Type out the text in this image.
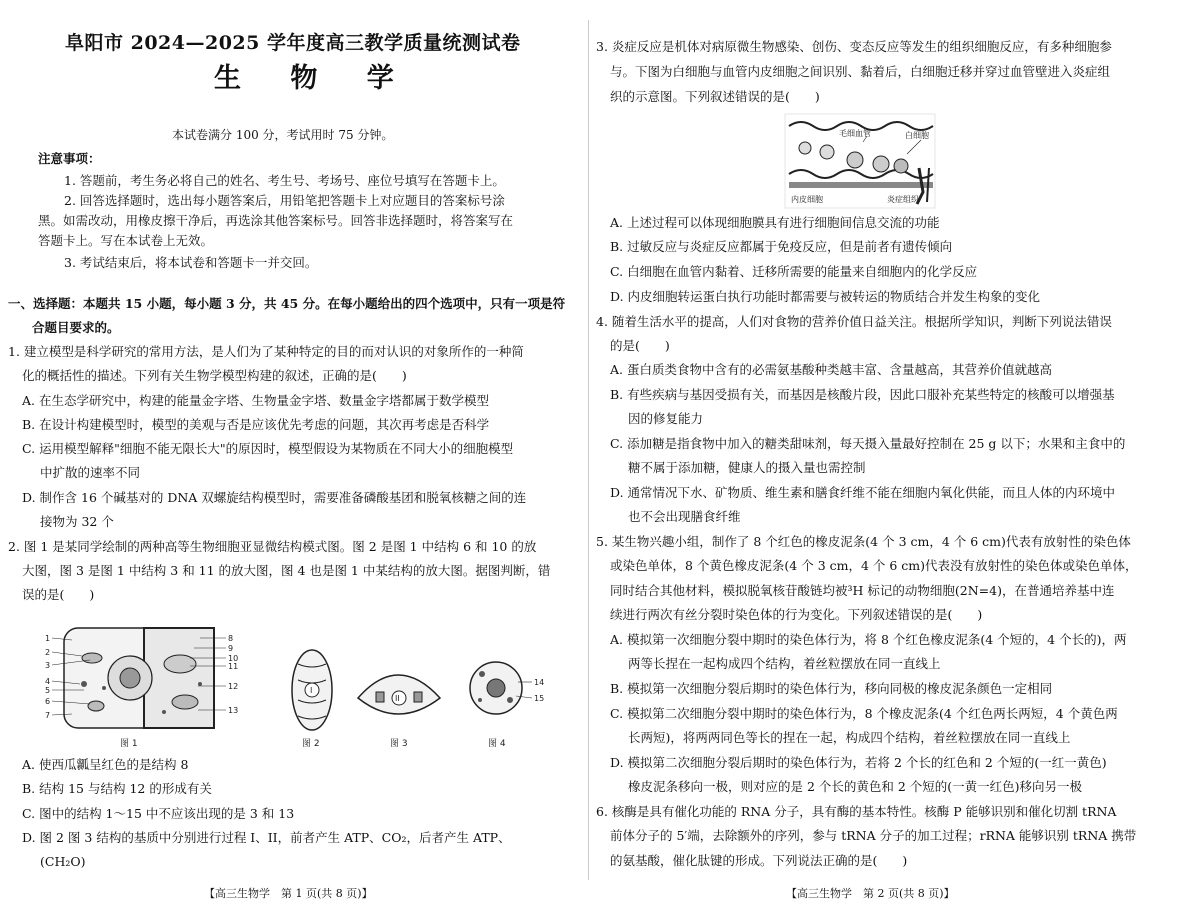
阜阳市 2024—2025 学年度高三教学质量统测试卷
生 物 学
本试卷满分 100 分，考试用时 75 分钟。
注意事项：
1. 答题前，考生务必将自己的姓名、考生号、考场号、座位号填写在答题卡上。
2. 回答选择题时，选出每小题答案后，用铅笔把答题卡上对应题目的答案标号涂
黑。如需改动，用橡皮擦干净后，再选涂其他答案标号。回答非选择题时，将答案写在
答题卡上。写在本试卷上无效。
3. 考试结束后，将本试卷和答题卡一并交回。
一、选择题：本题共 15 小题，每小题 3 分，共 45 分。在每小题给出的四个选项中，只有一项是符
合题目要求的。
1. 建立模型是科学研究的常用方法，是人们为了某种特定的目的而对认识的对象所作的一种简
化的概括性的描述。下列有关生物学模型构建的叙述，正确的是(　　)
A. 在生态学研究中，构建的能量金字塔、生物量金字塔、数量金字塔都属于数学模型
B. 在设计构建模型时，模型的美观与否是应该优先考虑的问题，其次再考虑是否科学
C. 运用模型解释"细胞不能无限长大"的原因时，模型假设为某物质在不同大小的细胞模型
中扩散的速率不同
D. 制作含 16 个碱基对的 DNA 双螺旋结构模型时，需要准备磷酸基团和脱氧核糖之间的连
接物为 32 个
2. 图 1 是某同学绘制的两种高等生物细胞亚显微结构模式图。图 2 是图 1 中结构 6 和 10 的放
大图，图 3 是图 1 中结构 3 和 11 的放大图，图 4 也是图 1 中某结构的放大图。据图判断，错
误的是(　　)
1
2
3
4
5
6
7
8
9
10
11
12
13
图 1
I
图 2
II
图 3
14
15
图 4
A. 使西瓜瓤呈红色的是结构 8
B. 结构 15 与结构 12 的形成有关
C. 图中的结构 1～15 中不应该出现的是 3 和 13
D. 图 2 图 3 结构的基质中分别进行过程 I、II，前者产生 ATP、CO₂，后者产生 ATP、
(CH₂O)
【高三生物学　第 1 页(共 8 页)】
3. 炎症反应是机体对病原微生物感染、创伤、变态反应等发生的组织细胞反应，有多种细胞参
与。下图为白细胞与血管内皮细胞之间识别、黏着后，白细胞迁移并穿过血管壁进入炎症组
织的示意图。下列叙述错误的是(　　)
毛细血管	白细胞
内皮细胞	炎症组织
A. 上述过程可以体现细胞膜具有进行细胞间信息交流的功能
B. 过敏反应与炎症反应都属于免疫反应，但是前者有遗传倾向
C. 白细胞在血管内黏着、迁移所需要的能量来自细胞内的化学反应
D. 内皮细胞转运蛋白执行功能时都需要与被转运的物质结合并发生构象的变化
4. 随着生活水平的提高，人们对食物的营养价值日益关注。根据所学知识，判断下列说法错误
的是(　　)
A. 蛋白质类食物中含有的必需氨基酸种类越丰富、含量越高，其营养价值就越高
B. 有些疾病与基因受损有关，而基因是核酸片段，因此口服补充某些特定的核酸可以增强基
因的修复能力
C. 添加糖是指食物中加入的糖类甜味剂，每天摄入量最好控制在 25 g 以下；水果和主食中的
糖不属于添加糖，健康人的摄入量也需控制
D. 通常情况下水、矿物质、维生素和膳食纤维不能在细胞内氧化供能，而且人体的内环境中
也不会出现膳食纤维
5. 某生物兴趣小组，制作了 8 个红色的橡皮泥条(4 个 3 cm，4 个 6 cm)代表有放射性的染色体
或染色单体，8 个黄色橡皮泥条(4 个 3 cm，4 个 6 cm)代表没有放射性的染色体或染色单体，
同时结合其他材料，模拟脱氧核苷酸链均被³H 标记的动物细胞(2N=4)，在普通培养基中连
续进行两次有丝分裂时染色体的行为变化。下列叙述错误的是(　　)
A. 模拟第一次细胞分裂中期时的染色体行为，将 8 个红色橡皮泥条(4 个短的，4 个长的)，两
两等长捏在一起构成四个结构，着丝粒摆放在同一直线上
B. 模拟第一次细胞分裂后期时的染色体行为，移向同极的橡皮泥条颜色一定相同
C. 模拟第二次细胞分裂中期时的染色体行为，8 个橡皮泥条(4 个红色两长两短，4 个黄色两
长两短)，将两两同色等长的捏在一起，构成四个结构，着丝粒摆放在同一直线上
D. 模拟第二次细胞分裂后期时的染色体行为，若将 2 个长的红色和 2 个短的(一红一黄色)
橡皮泥条移向一极，则对应的是 2 个长的黄色和 2 个短的(一黄一红色)移向另一极
6. 核酶是具有催化功能的 RNA 分子，具有酶的基本特性。核酶 P 能够识别和催化切割 tRNA
前体分子的 5′端，去除额外的序列，参与 tRNA 分子的加工过程；rRNA 能够识别 tRNA 携带
的氨基酸，催化肽键的形成。下列说法正确的是(　　)
【高三生物学　第 2 页(共 8 页)】
